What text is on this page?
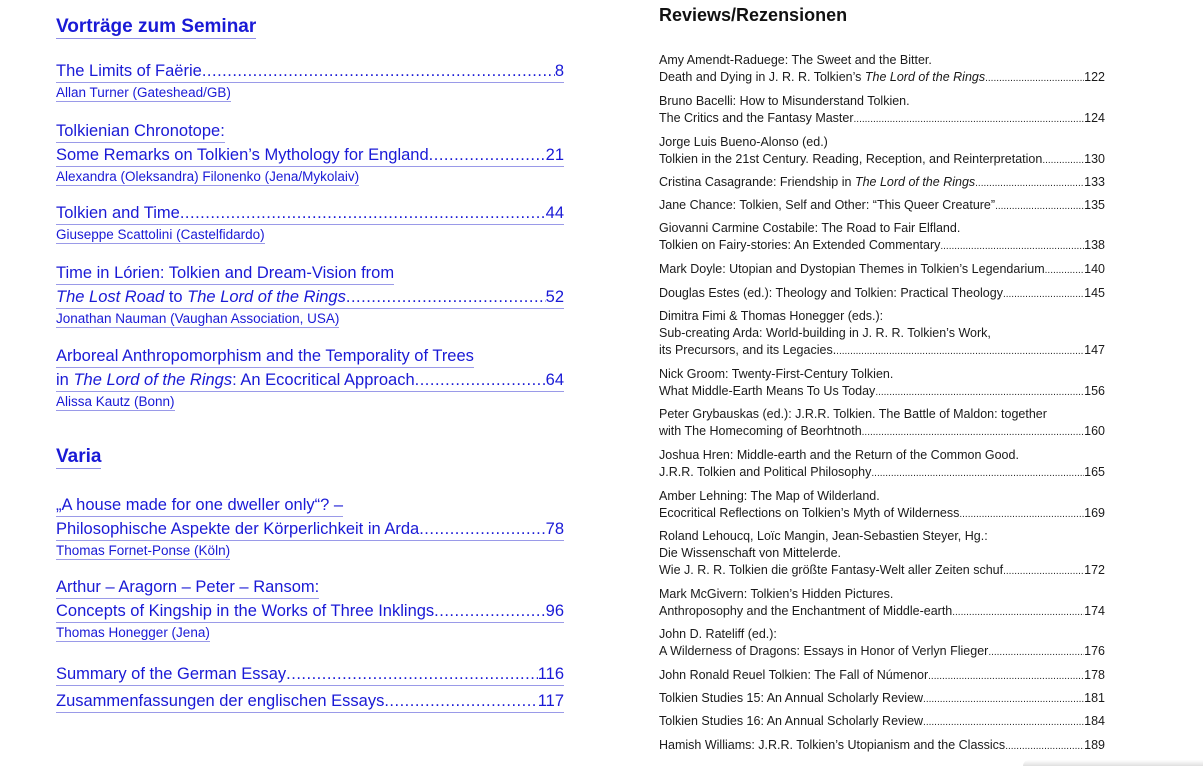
Vorträge zum Seminar
The Limits of Faërie .....	8
Allan Turner (Gateshead/GB)
Tolkienian Chronotope:
Some Remarks on Tolkien’s Mythology for England .....	21
Alexandra (Oleksandra) Filonenko (Jena/Mykolaiv)
Tolkien and Time .....	44
Giuseppe Scattolini (Castelfidardo)
Time in Lórien: Tolkien and Dream-Vision from
The Lost Road to The Lord of the Rings .....	52
Jonathan Nauman (Vaughan Association, USA)
Arboreal Anthropomorphism and the Temporality of Trees
in The Lord of the Rings: An Ecocritical Approach .....	64
Alissa Kautz (Bonn)
Varia
„A house made for one dweller only“? –
Philosophische Aspekte der Körperlichkeit in Arda .....	78
Thomas Fornet-Ponse (Köln)
Arthur – Aragorn – Peter – Ransom:
Concepts of Kingship in the Works of Three Inklings .....	96
Thomas Honegger (Jena)
Summary of the German Essay .....	116
Zusammenfassungen der englischen Essays .....	117
Reviews/Rezensionen
Amy Amendt-Raduege: The Sweet and the Bitter.
Death and Dying in J. R. R. Tolkien’s The Lord of the Rings .....	122
Bruno Bacelli: How to Misunderstand Tolkien.
The Critics and the Fantasy Master .....	124
Jorge Luis Bueno-Alonso (ed.)
Tolkien in the 21st Century. Reading, Reception, and Reinterpretation .....	130
Cristina Casagrande: Friendship in The Lord of the Rings .....	133
Jane Chance: Tolkien, Self and Other: “This Queer Creature” .....	135
Giovanni Carmine Costabile: The Road to Fair Elfland.
Tolkien on Fairy-stories: An Extended Commentary .....	138
Mark Doyle: Utopian and Dystopian Themes in Tolkien’s Legendarium .....	140
Douglas Estes (ed.): Theology and Tolkien: Practical Theology .....	145
Dimitra Fimi & Thomas Honegger (eds.):
Sub-creating Arda: World-building in J. R. R. Tolkien’s Work,
its Precursors, and its Legacies. .....	147
Nick Groom: Twenty-First-Century Tolkien.
What Middle-Earth Means To Us Today .....	156
Peter Grybauskas (ed.): J.R.R. Tolkien. The Battle of Maldon: together
with The Homecoming of Beorhtnoth .....	160
Joshua Hren: Middle-earth and the Return of the Common Good.
J.R.R. Tolkien and Political Philosophy .....	165
Amber Lehning: The Map of Wilderland.
Ecocritical Reflections on Tolkien’s Myth of Wilderness .....	169
Roland Lehoucq, Loïc Mangin, Jean-Sebastien Steyer, Hg.:
Die Wissenschaft von Mittelerde.
Wie J. R. R. Tolkien die größte Fantasy-Welt aller Zeiten schuf .....	172
Mark McGivern: Tolkien’s Hidden Pictures.
Anthroposophy and the Enchantment of Middle-earth .....	174
John D. Rateliff (ed.):
A Wilderness of Dragons: Essays in Honor of Verlyn Flieger .....	176
John Ronald Reuel Tolkien: The Fall of Númenor .....	178
Tolkien Studies 15: An Annual Scholarly Review .....	181
Tolkien Studies 16: An Annual Scholarly Review .....	184
Hamish Williams: J.R.R. Tolkien’s Utopianism and the Classics .....	189
